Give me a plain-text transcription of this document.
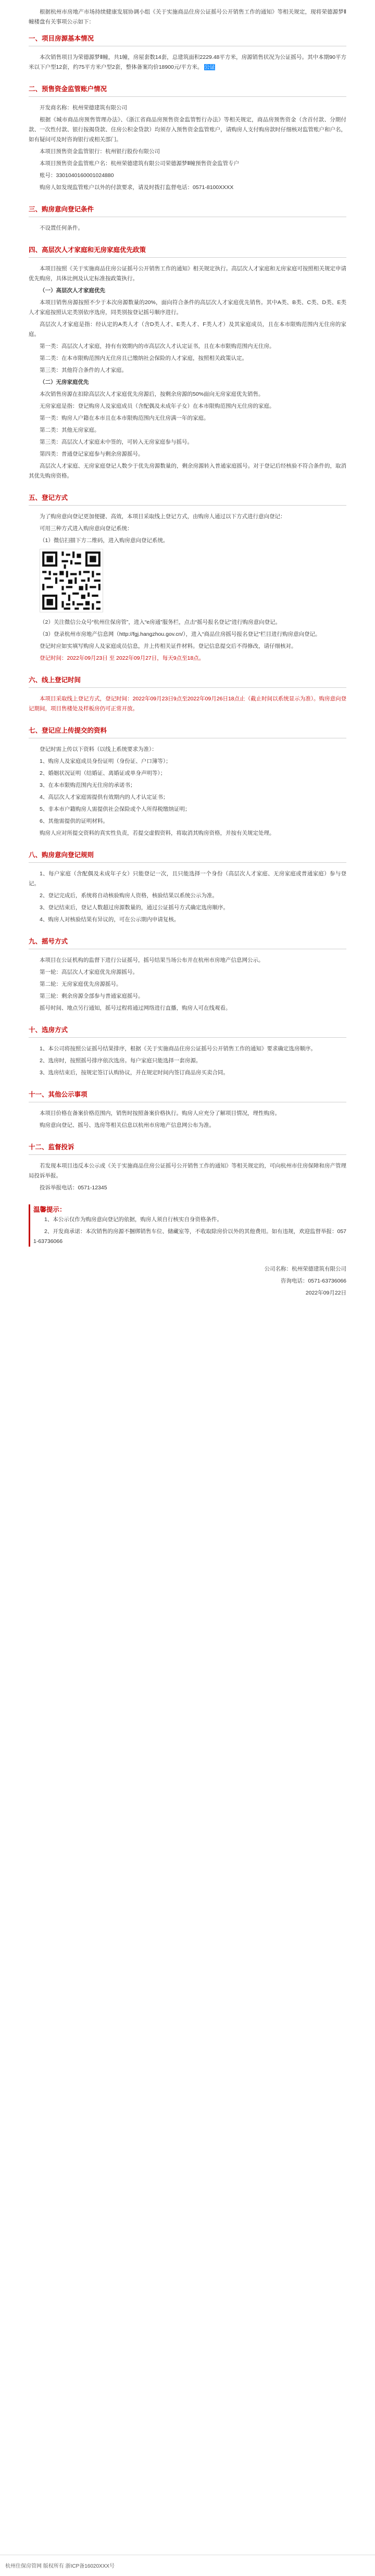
根据杭州市房地产市场持续健康发展协调小组《关于实施商品住房公证摇号公开销售工作的通知》等相关规定，现将荣德源梦Ⅱ幢楼盘有关事项公示如下：

一、项目房源基本情况

本次销售项目为荣德源梦Ⅱ幢，共1幢，房屋套数14套，总建筑面积2229.48平方米，房源销售状况为公证摇号。其中本期90平方米以下户型12套，约75平方米户型2套，整体备案均价18900元/平方米。 公证

二、预售资金监管账户情况

开发商名称：杭州荣德建筑有限公司

根据《城市商品房预售管理办法》、《浙江省商品房预售资金监管暂行办法》等相关规定，商品房预售资金（含首付款、分期付款、一次性付款、银行按揭贷款、住房公积金贷款）均须存入预售资金监管账户，请购房人支付购房款时仔细核对监管账户和户名，如有疑问可及时咨询银行或相关部门。

本项目预售资金监管银行：杭州银行股份有限公司

本项目预售资金监管账户名：杭州荣德建筑有限公司荣德源梦Ⅱ幢预售资金监管专户

账号：3301040160001024880

购房人如发现监管账户以外的付款要求，请及时拨打监督电话：0571-8100XXXX

三、购房意向登记条件

不设置任何条件。

四、高层次人才家庭和无房家庭优先政策

本项目按照《关于实施商品住房公证摇号公开销售工作的通知》相关规定执行。高层次人才家庭和无房家庭可按照相关规定申请优先购房，具体比例及认定标准按政策执行。

（一）高层次人才家庭优先

本项目销售房源按照不少于本次房源数量的20%，面向符合条件的高层次人才家庭优先销售。其中A类、B类、C类、D类、E类人才家庭按照认定类别依序选房，同类别按登记摇号顺序进行。

高层次人才家庭是指：经认定的A类人才（含D类人才、E类人才、F类人才）及其家庭成员，且在本市限购范围内无住房的家庭。

第一类：高层次人才家庭，持有有效期内的市高层次人才认定证书，且在本市限购范围内无住房。

第二类：在本市限购范围内无住房且已缴纳社会保险的人才家庭，按照相关政策认定。

第三类：其他符合条件的人才家庭。

（二）无房家庭优先

本次销售房源在扣除高层次人才家庭优先房源后，按剩余房源的50%面向无房家庭优先销售。

无房家庭是指：登记购房人及家庭成员（含配偶及未成年子女）在本市限购范围内无住房的家庭。

第一类：购房人户籍在本市且在本市限购范围内无住房满一年的家庭。

第二类：其他无房家庭。

第三类：高层次人才家庭未中签的，可转入无房家庭参与摇号。

第四类：普通登记家庭参与剩余房源摇号。

高层次人才家庭、无房家庭登记人数少于优先房源数量的，剩余房源转入普通家庭摇号。对于登记后经核验不符合条件的，取消其优先购房资格。

五、登记方式

为了购房意向登记更加便捷、高效，本项目采取线上登记方式，由购房人通过以下方式进行意向登记：

可用三种方式进入购房意向登记系统：

（1）微信扫描下方二维码，进入购房意向登记系统。

（2）关注微信公众号“杭州住保房管”，进入“e房通”服务栏，点击“摇号报名登记”进行购房意向登记。

（3）登录杭州市房地产信息网（http://fgj.hangzhou.gov.cn/），进入“商品住房摇号报名登记”栏目进行购房意向登记。

登记时应如实填写购房人及家庭成员信息，并上传相关证件材料。登记信息提交后不得修改，请仔细核对。

登记时间：2022年09月23日 至 2022年09月27日，每天9点至18点。

六、线上登记时间

本项目采取线上登记方式，登记时间：2022年09月23日9点至2022年09月26日18点止（截止时间以系统显示为准）。购房意向登记期间，项目售楼处及样板房仍可正常开放。

七、登记应上传提交的资料

登记时需上传以下资料（以线上系统要求为准）：

1、购房人及家庭成员身份证明（身份证、户口簿等）；

2、婚姻状况证明（结婚证、离婚证或单身声明等）；

3、在本市限购范围内无住房的承诺书；

4、高层次人才家庭需提供有效期内的人才认定证书；

5、非本市户籍购房人需提供社会保险或个人所得税缴纳证明；

6、其他需提供的证明材料。

购房人应对所提交资料的真实性负责，若提交虚假资料，将取消其购房资格，并按有关规定处理。

八、购房意向登记规则

1、每户家庭（含配偶及未成年子女）只能登记一次，且只能选择一个身份（高层次人才家庭、无房家庭或普通家庭）参与登记。

2、登记完成后，系统将自动核验购房人资格，核验结果以系统公示为准。

3、登记结束后，登记人数超过房源数量的，通过公证摇号方式确定选房顺序。

4、购房人对核验结果有异议的，可在公示期内申请复核。

九、摇号方式

本项目在公证机构的监督下进行公证摇号，摇号结果当场公布并在杭州市房地产信息网公示。

第一轮：高层次人才家庭优先房源摇号。

第二轮：无房家庭优先房源摇号。

第三轮：剩余房源全部参与普通家庭摇号。

摇号时间、地点另行通知，摇号过程将通过网络进行直播，购房人可在线观看。

十、选房方式

1、本公司将按照公证摇号结果排序，根据《关于实施商品住房公证摇号公开销售工作的通知》要求确定选房顺序。

2、选房时，按照摇号排序依次选房。每户家庭只能选择一套房源。

3、选房结束后，按规定签订认购协议，并在规定时间内签订商品房买卖合同。

十一、其他公示事项

本项目价格在备案价格范围内，销售时按照备案价格执行。购房人应充分了解项目情况，理性购房。

购房意向登记、摇号、选房等相关信息以杭州市房地产信息网公布为准。

十二、监督投诉

若发现本项目违反本公示或《关于实施商品住房公证摇号公开销售工作的通知》等相关规定的，可向杭州市住房保障和房产管理局投诉举报。

投诉举报电话：0571-12345

温馨提示：

1、本公示仅作为购房意向登记的依据，购房人须自行核实自身资格条件。

2、开发商承诺：本次销售的房源不捆绑销售车位、储藏室等，不收取除房价以外的其他费用。如有违规，欢迎监督举报：0571-63736066

公司名称：杭州荣德建筑有限公司

咨询电话：0571-63736066

2022年09月22日

杭州住保房管网 版权所有 浙ICP备16020XXX号
